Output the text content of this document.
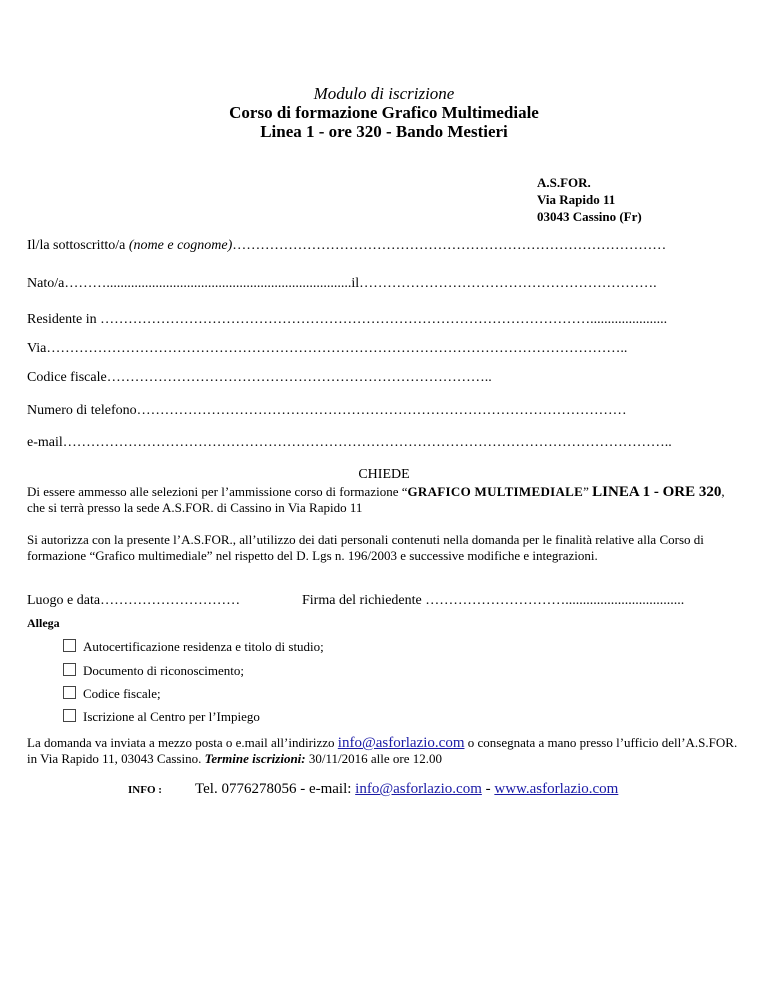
Modulo di iscrizione
Corso di formazione Grafico Multimediale
Linea 1 - ore 320 - Bando Mestieri
A.S.FOR.
Via Rapido 11
03043 Cassino (Fr)
Il/la sottoscritto/a (nome e cognome)…………………………………………………………………………………
Nato/a………......................................................................il……………………………………………………….
Residente in ……………………………………………………………………………………………......................
Via……………………………………………………………………………………………………………..
Codice fiscale………………………………………………………………………..
Numero di telefono……………………………………………………………………………………………
e-mail…………………………………………………………………………………………………………………..
CHIEDE
Di essere ammesso alle selezioni per l’ammissione corso di formazione “GRAFICO MULTIMEDIALE” LINEA 1 - ORE 320, che si terrà presso la sede A.S.FOR. di Cassino in Via Rapido 11
Si autorizza con la presente l’A.S.FOR., all’utilizzo dei dati personali contenuti nella domanda per le finalità relative alla Corso di formazione “Grafico multimediale” nel rispetto del D. Lgs n. 196/2003 e successive modifiche e integrazioni.
Luogo e data…………………………	Firma del richiedente …………………………..................................
Allega
Autocertificazione residenza e titolo di studio;
Documento di riconoscimento;
Codice fiscale;
Iscrizione al Centro per l’Impiego
La domanda va inviata a mezzo posta o e.mail all’indirizzo info@asforlazio.com o consegnata a mano presso l’ufficio dell’A.S.FOR. in Via Rapido 11, 03043 Cassino. Termine iscrizioni: 30/11/2016 alle ore 12.00
INFO : Tel. 0776278056 - e-mail: info@asforlazio.com - www.asforlazio.com
